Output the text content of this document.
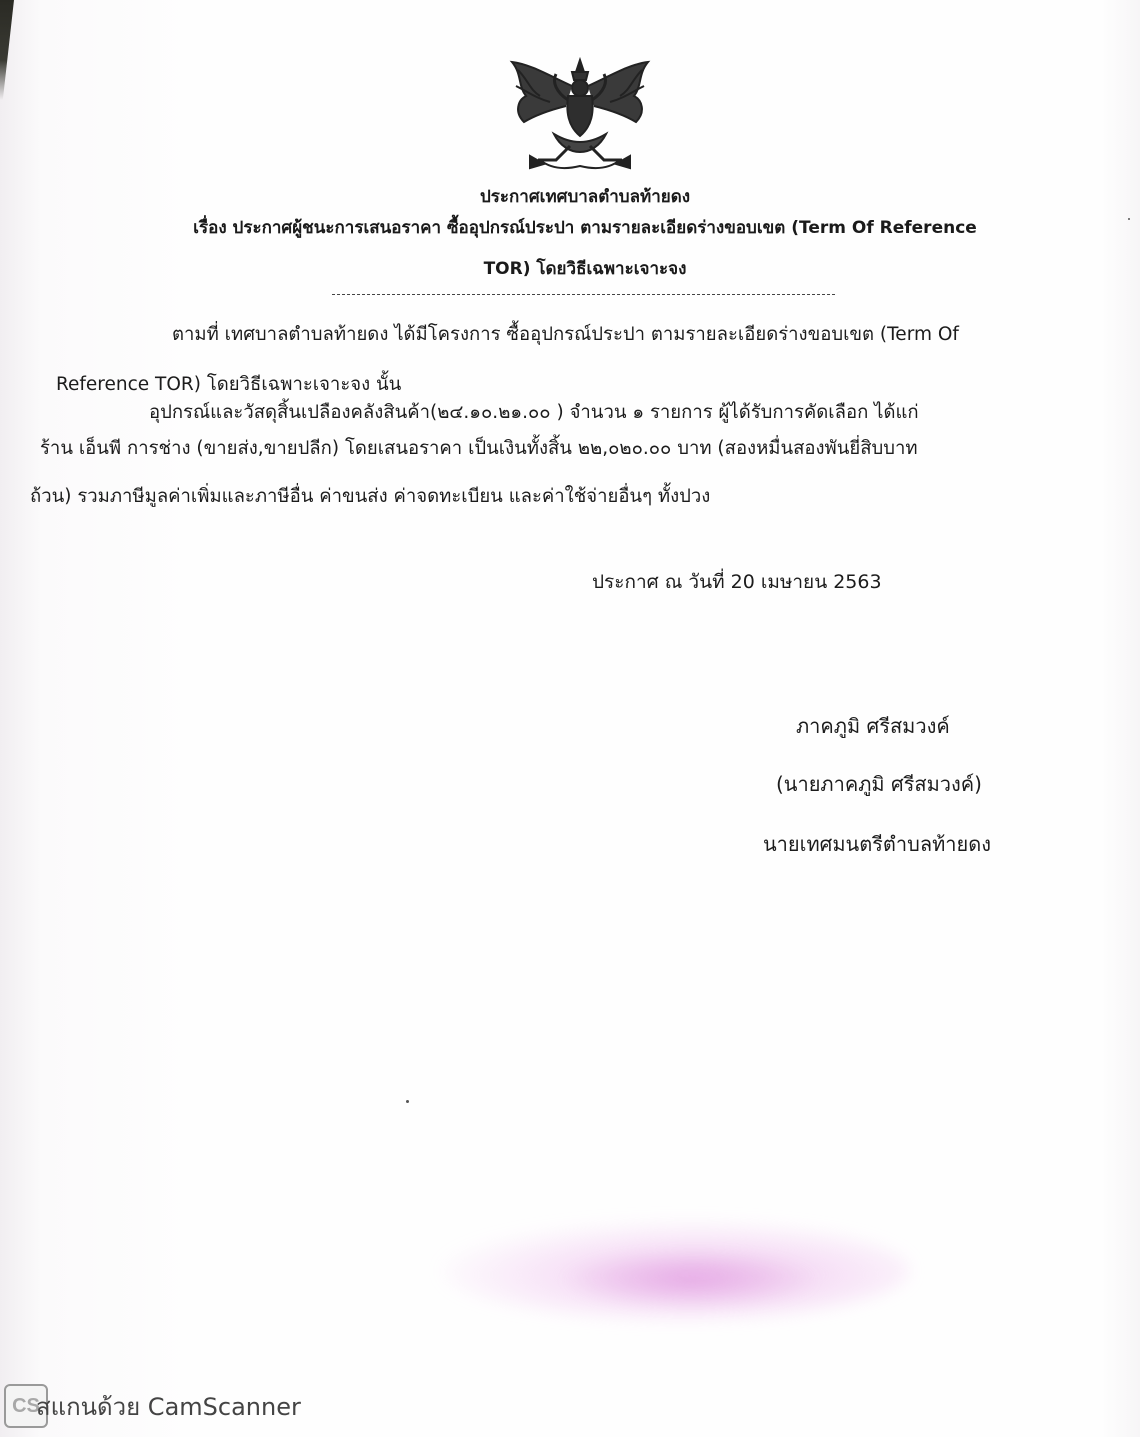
ประกาศเทศบาลตำบลท้ายดง
เรื่อง ประกาศผู้ชนะการเสนอราคา ซื้ออุปกรณ์ประปา ตามรายละเอียดร่างขอบเขต (Term Of Reference
TOR) โดยวิธีเฉพาะเจาะจง
ตามที่ เทศบาลตำบลท้ายดง ได้มีโครงการ ซื้ออุปกรณ์ประปา ตามรายละเอียดร่างขอบเขต (Term Of
Reference TOR) โดยวิธีเฉพาะเจาะจง นั้น
อุปกรณ์และวัสดุสิ้นเปลืองคลังสินค้า(๒๔.๑๐.๒๑.๐๐ ) จำนวน ๑ รายการ ผู้ได้รับการคัดเลือก ได้แก่
ร้าน เอ็นพี การช่าง (ขายส่ง,ขายปลีก) โดยเสนอราคา เป็นเงินทั้งสิ้น ๒๒,๐๒๐.๐๐ บาท (สองหมื่นสองพันยี่สิบบาท
ถ้วน) รวมภาษีมูลค่าเพิ่มและภาษีอื่น ค่าขนส่ง ค่าจดทะเบียน และค่าใช้จ่ายอื่นๆ ทั้งปวง
ประกาศ ณ วันที่ 20 เมษายน 2563
ภาคภูมิ ศรีสมวงค์
(นายภาคภูมิ ศรีสมวงค์)
นายเทศมนตรีตำบลท้ายดง
CS
สแกนด้วย CamScanner
